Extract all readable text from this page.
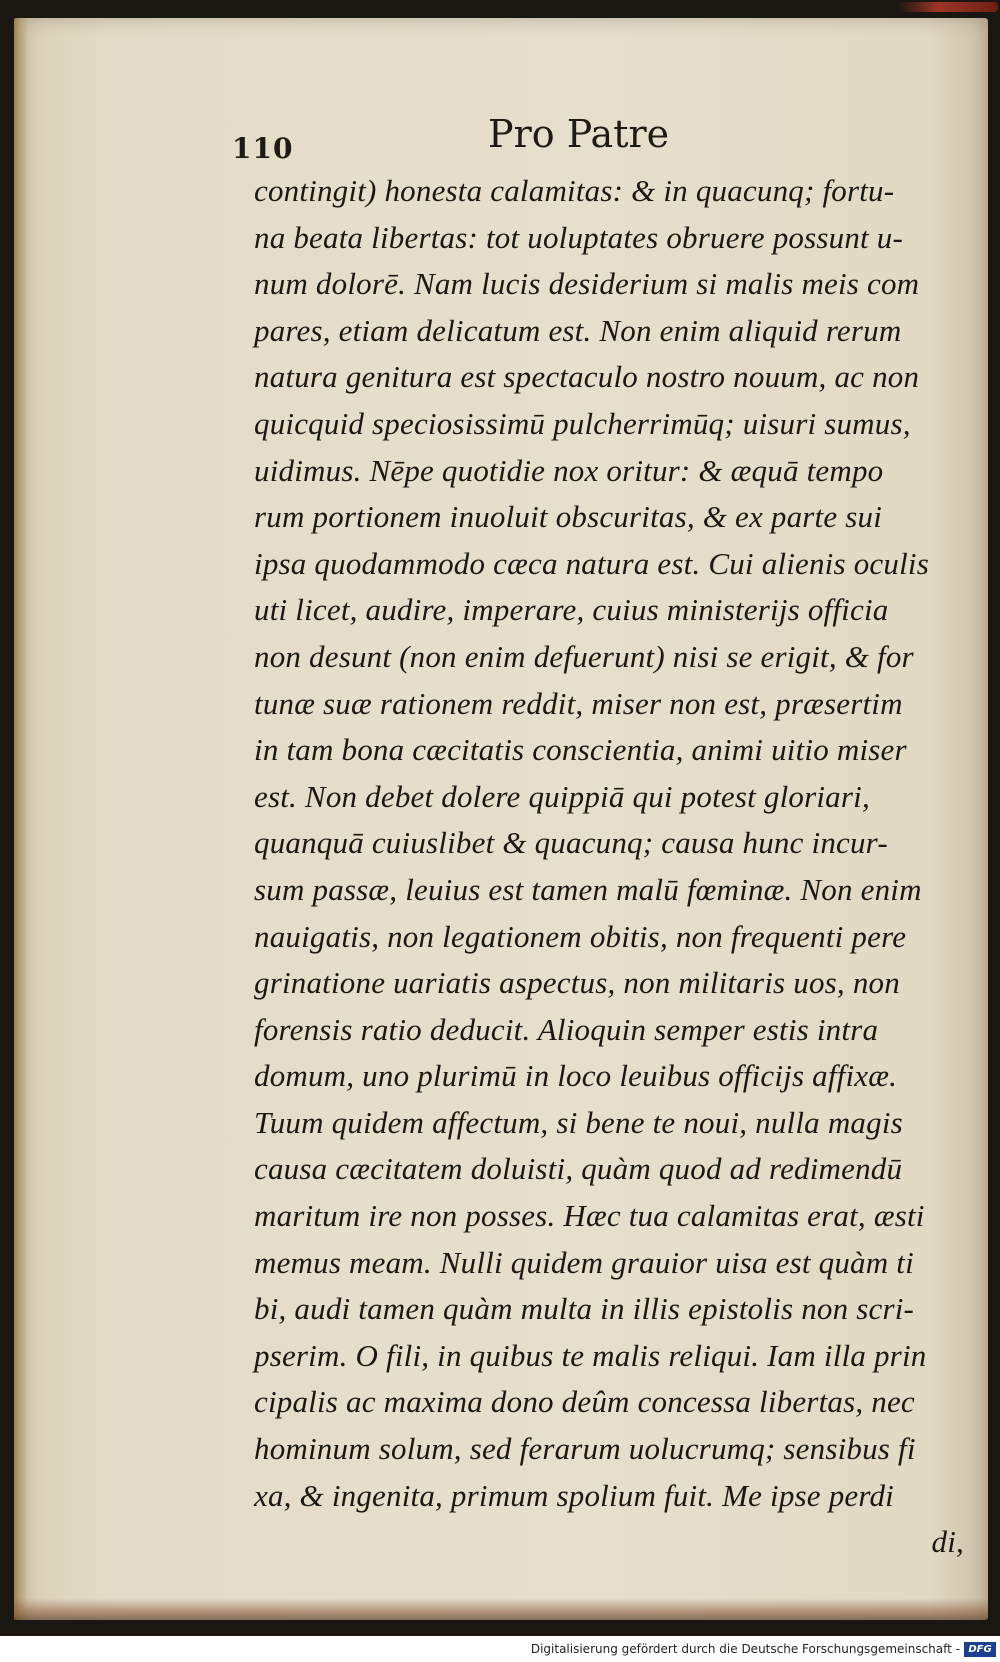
110	Pro Patre
contingit) honesta calamitas: & in quacunq; fortu-
na beata libertas: tot uoluptates obruere possunt u-
num dolorē. Nam lucis desiderium si malis meis com
pares, etiam delicatum est. Non enim aliquid rerum
natura genitura est spectaculo nostro nouum, ac non
quicquid speciosissimū pulcherrimūq; uisuri sumus,
uidimus. Nēpe quotidie nox oritur: & æquā tempo
rum portionem inuoluit obscuritas, & ex parte sui
ipsa quodammodo cæca natura est. Cui alienis oculis
uti licet, audire, imperare, cuius ministerijs officia
non desunt (non enim defuerunt) nisi se erigit, & for
tunæ suæ rationem reddit, miser non est, præsertim
in tam bona cæcitatis conscientia, animi uitio miser
est. Non debet dolere quippiā qui potest gloriari,
quanquā cuiuslibet & quacunq; causa hunc incur-
sum passæ, leuius est tamen malū fœminæ. Non enim
nauigatis, non legationem obitis, non frequenti pere
grinatione uariatis aspectus, non militaris uos, non
forensis ratio deducit. Alioquin semper estis intra
domum, uno plurimū in loco leuibus officijs affixæ.
Tuum quidem affectum, si bene te noui, nulla magis
causa cæcitatem doluisti, quàm quod ad redimendū
maritum ire non posses. Hæc tua calamitas erat, æsti
memus meam. Nulli quidem grauior uisa est quàm ti
bi, audi tamen quàm multa in illis epistolis non scri-
pserim. O fili, in quibus te malis reliqui. Iam illa prin
cipalis ac maxima dono deûm concessa libertas, nec
hominum solum, sed ferarum uolucrumq; sensibus fi
xa, & ingenita, primum spolium fuit. Me ipse perdi
di,
Digitalisierung gefördert durch die Deutsche Forschungsgemeinschaft - DFG
